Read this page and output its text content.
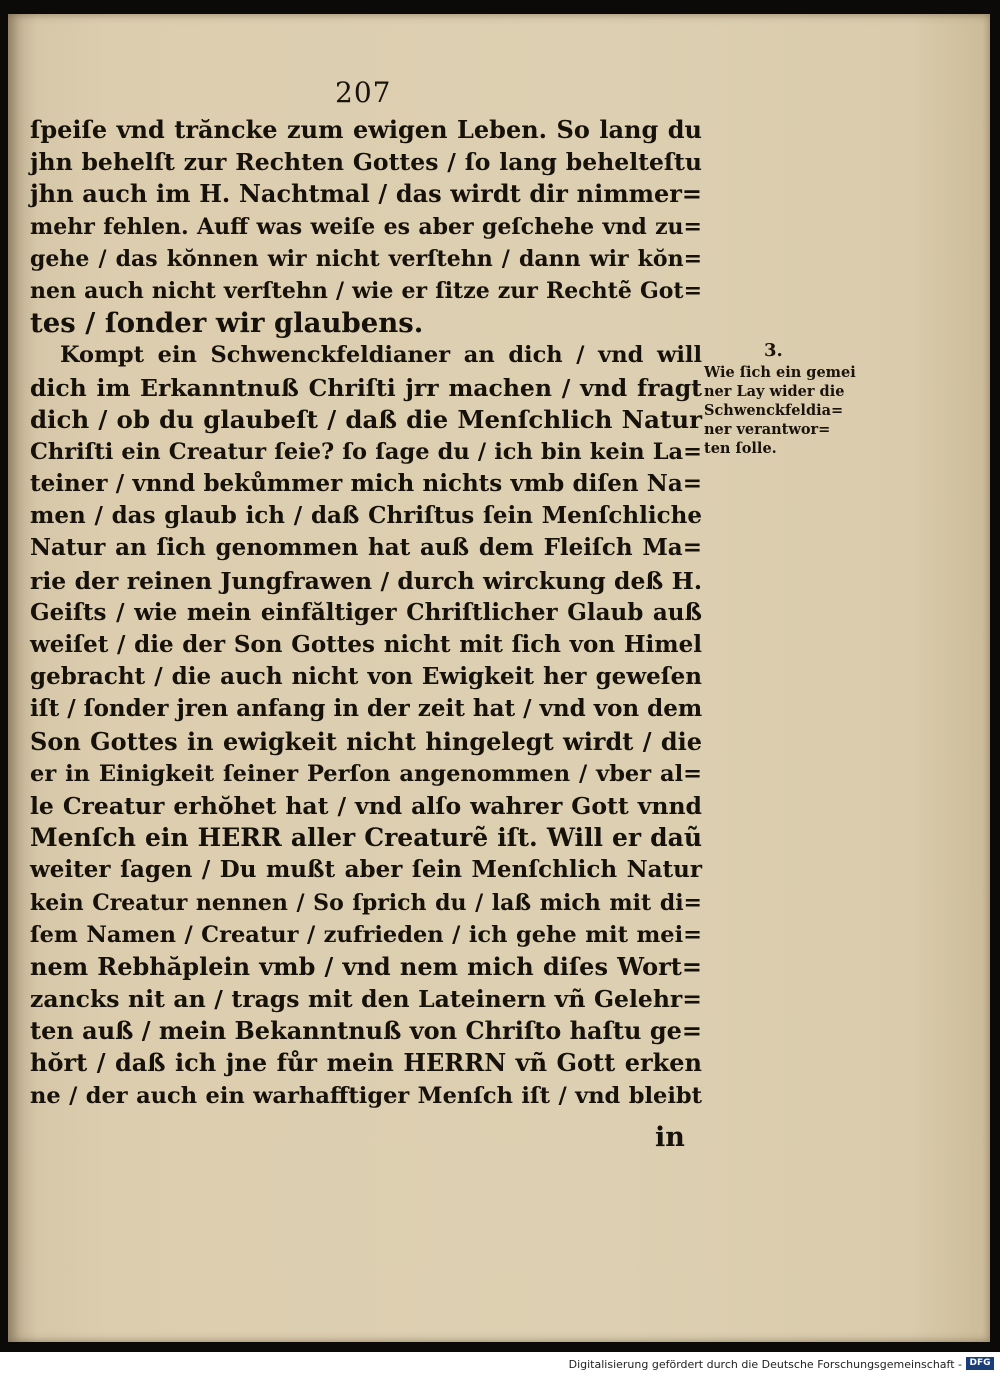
207
ſpeiſe vnd trăncke zum ewigen Leben. So lang du
jhn behelſt zur Rechten Gottes / ſo lang behelteſtu
jhn auch im H. Nachtmal / das wirdt dir nimmer=
mehr fehlen. Auff was weiſe es aber geſchehe vnd zu=
gehe / das kŏnnen wir nicht verſtehn / dann wir kŏn=
nen auch nicht verſtehn / wie er ſitze zur Rechtẽ Got=
tes / ſonder wir glaubens.
Kompt ein Schwenckfeldianer an dich / vnd will
dich im Erkanntnuß Chriſti jrr machen / vnd fragt
dich / ob du glaubeſt / daß die Menſchlich Natur
Chriſti ein Creatur ſeie? ſo ſage du / ich bin kein La=
teiner / vnnd bekůmmer mich nichts vmb diſen Na=
men / das glaub ich / daß Chriſtus ſein Menſchliche
Natur an ſich genommen hat auß dem Fleiſch Ma=
rie der reinen Jungfrawen / durch wirckung deß H.
Geiſts / wie mein einfăltiger Chriſtlicher Glaub auß
weiſet / die der Son Gottes nicht mit ſich von Himel
gebracht / die auch nicht von Ewigkeit her geweſen
iſt / ſonder jren anfang in der zeit hat / vnd von dem
Son Gottes in ewigkeit nicht hingelegt wirdt / die
er in Einigkeit ſeiner Perſon angenommen / vber al=
le Creatur erhŏhet hat / vnd alſo wahrer Gott vnnd
Menſch ein HERR aller Creaturẽ iſt. Will er daũ
weiter ſagen / Du mußt aber ſein Menſchlich Natur
kein Creatur nennen / So ſprich du / laß mich mit di=
ſem Namen / Creatur / zufrieden / ich gehe mit mei=
nem Rebhăplein vmb / vnd nem mich diſes Wort=
zancks nit an / trags mit den Lateinern vñ Gelehr=
ten auß / mein Bekanntnuß von Chriſto haſtu ge=
hŏrt / daß ich jne fůr mein HERRN vñ Gott erken
ne / der auch ein warhafftiger Menſch iſt / vnd bleibt
in
3.
Wie ſich ein gemei
ner Lay wider die
Schwenckfeldia=
ner verantwor=
ten ſolle.
Digitalisierung gefördert durch die Deutsche Forschungsgemeinschaft - DFG
